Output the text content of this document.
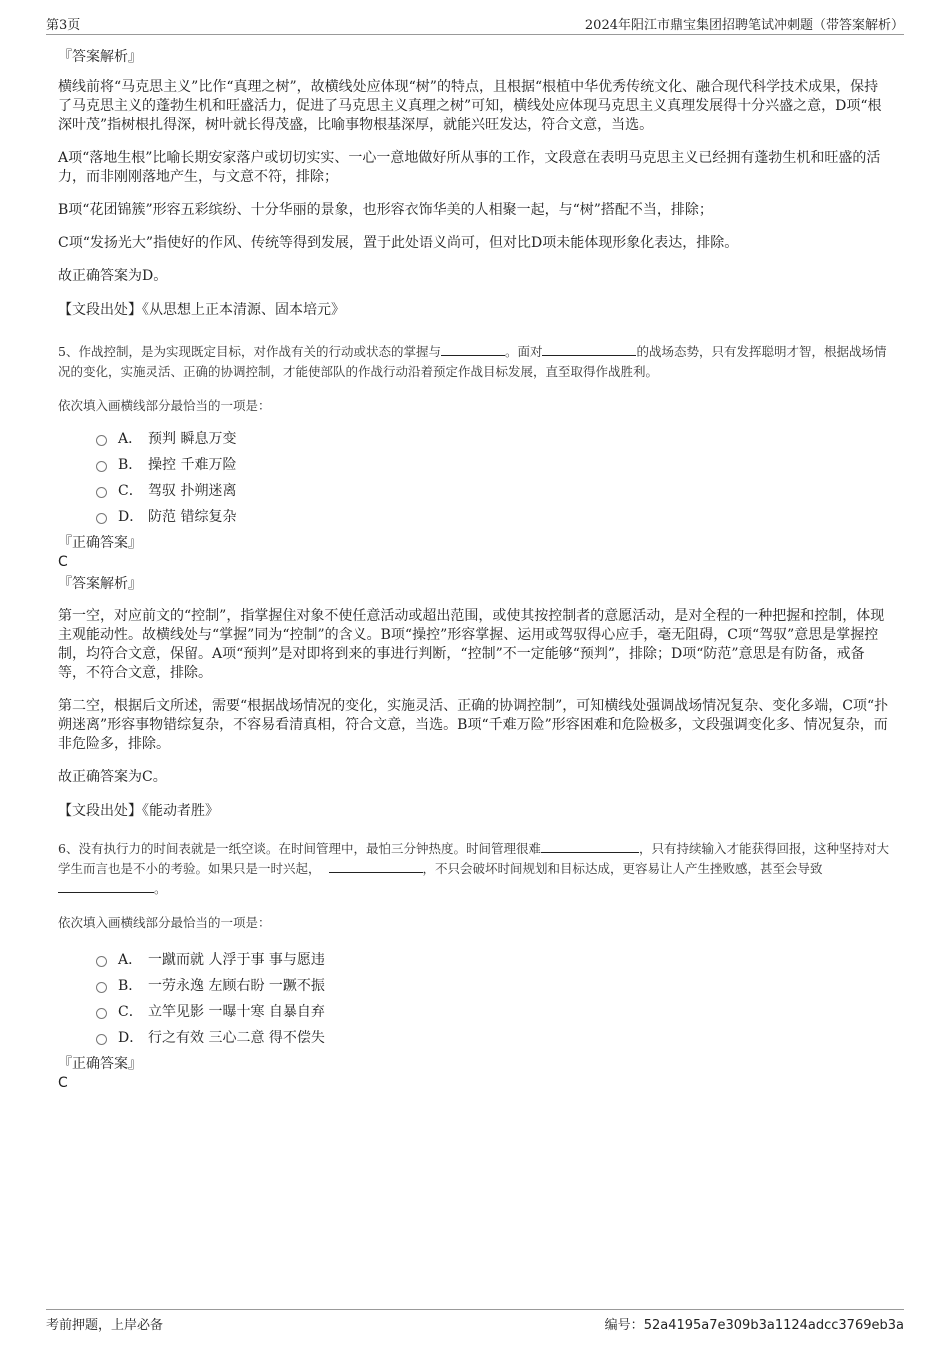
第3页	2024年阳江市鼎宝集团招聘笔试冲刺题（带答案解析）

『答案解析』

横线前将“马克思主义”比作“真理之树”，故横线处应体现“树”的特点，且根据“根植中华优秀传统文化、融合现代科学技术成果，保持了马克思主义的蓬勃生机和旺盛活力，促进了马克思主义真理之树”可知，横线处应体现马克思主义真理发展得十分兴盛之意，D项“根深叶茂”指树根扎得深，树叶就长得茂盛，比喻事物根基深厚，就能兴旺发达，符合文意，当选。

A项“落地生根”比喻长期安家落户或切切实实、一心一意地做好所从事的工作，文段意在表明马克思主义已经拥有蓬勃生机和旺盛的活力，而非刚刚落地产生，与文意不符，排除；

B项“花团锦簇”形容五彩缤纷、十分华丽的景象，也形容衣饰华美的人相聚一起，与“树”搭配不当，排除；

C项“发扬光大”指使好的作风、传统等得到发展，置于此处语义尚可，但对比D项未能体现形象化表达，排除。

故正确答案为D。

【文段出处】《从思想上正本清源、固本培元》

5、作战控制，是为实现既定目标，对作战有关的行动或状态的掌握与	。面对	的战场态势，只有发挥聪明才智，根据战场情况的变化，实施灵活、正确的协调控制，才能使部队的作战行动沿着预定作战目标发展，直至取得作战胜利。

依次填入画横线部分最恰当的一项是：

A． 预判 瞬息万变
B． 操控 千难万险
C． 驾驭 扑朔迷离
D． 防范 错综复杂

『正确答案』

C

『答案解析』

第一空，对应前文的“控制”，指掌握住对象不使任意活动或超出范围，或使其按控制者的意愿活动，是对全程的一种把握和控制，体现主观能动性。故横线处与“掌握”同为“控制”的含义。B项“操控”形容掌握、运用或驾驭得心应手，毫无阻碍，C项“驾驭”意思是掌握控制，均符合文意，保留。A项“预判”是对即将到来的事进行判断，“控制”不一定能够“预判”，排除；D项“防范”意思是有防备，戒备等，不符合文意，排除。

第二空，根据后文所述，需要“根据战场情况的变化，实施灵活、正确的协调控制”，可知横线处强调战场情况复杂、变化多端，C项“扑朔迷离”形容事物错综复杂，不容易看清真相，符合文意，当选。B项“千难万险”形容困难和危险极多，文段强调变化多、情况复杂，而非危险多，排除。

故正确答案为C。

【文段出处】《能动者胜》

6、没有执行力的时间表就是一纸空谈。在时间管理中，最怕三分钟热度。时间管理很难	，只有持续输入才能获得回报，这种坚持对大学生而言也是不小的考验。如果只是一时兴起，	，不只会破坏时间规划和目标达成，更容易让人产生挫败感，甚至会导致。

依次填入画横线部分最恰当的一项是：

A． 一蹴而就 人浮于事 事与愿违
B． 一劳永逸 左顾右盼 一蹶不振
C． 立竿见影 一曝十寒 自暴自弃
D． 行之有效 三心二意 得不偿失

『正确答案』

C

考前押题，上岸必备	编号：52a4195a7e309b3a1124adcc3769eb3a
